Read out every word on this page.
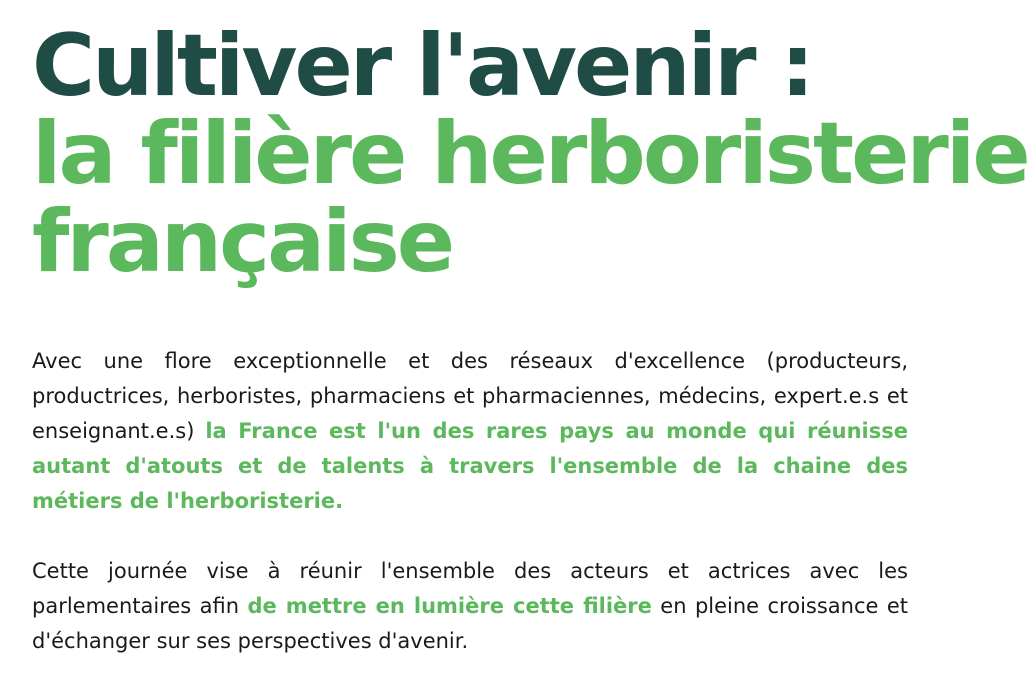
Cultiver l'avenir :
la filière herboristerie
française

Avec une flore exceptionnelle et des réseaux d'excellence (producteurs, productrices, herboristes, pharmaciens et pharmaciennes, médecins, expert.e.s et enseignant.e.s) la France est l'un des rares pays au monde qui réunisse autant d'atouts et de talents à travers l'ensemble de la chaine des métiers de l'herboristerie.

Cette journée vise à réunir l'ensemble des acteurs et actrices avec les parlementaires afin de mettre en lumière cette filière en pleine croissance et d'échanger sur ses perspectives d'avenir.
